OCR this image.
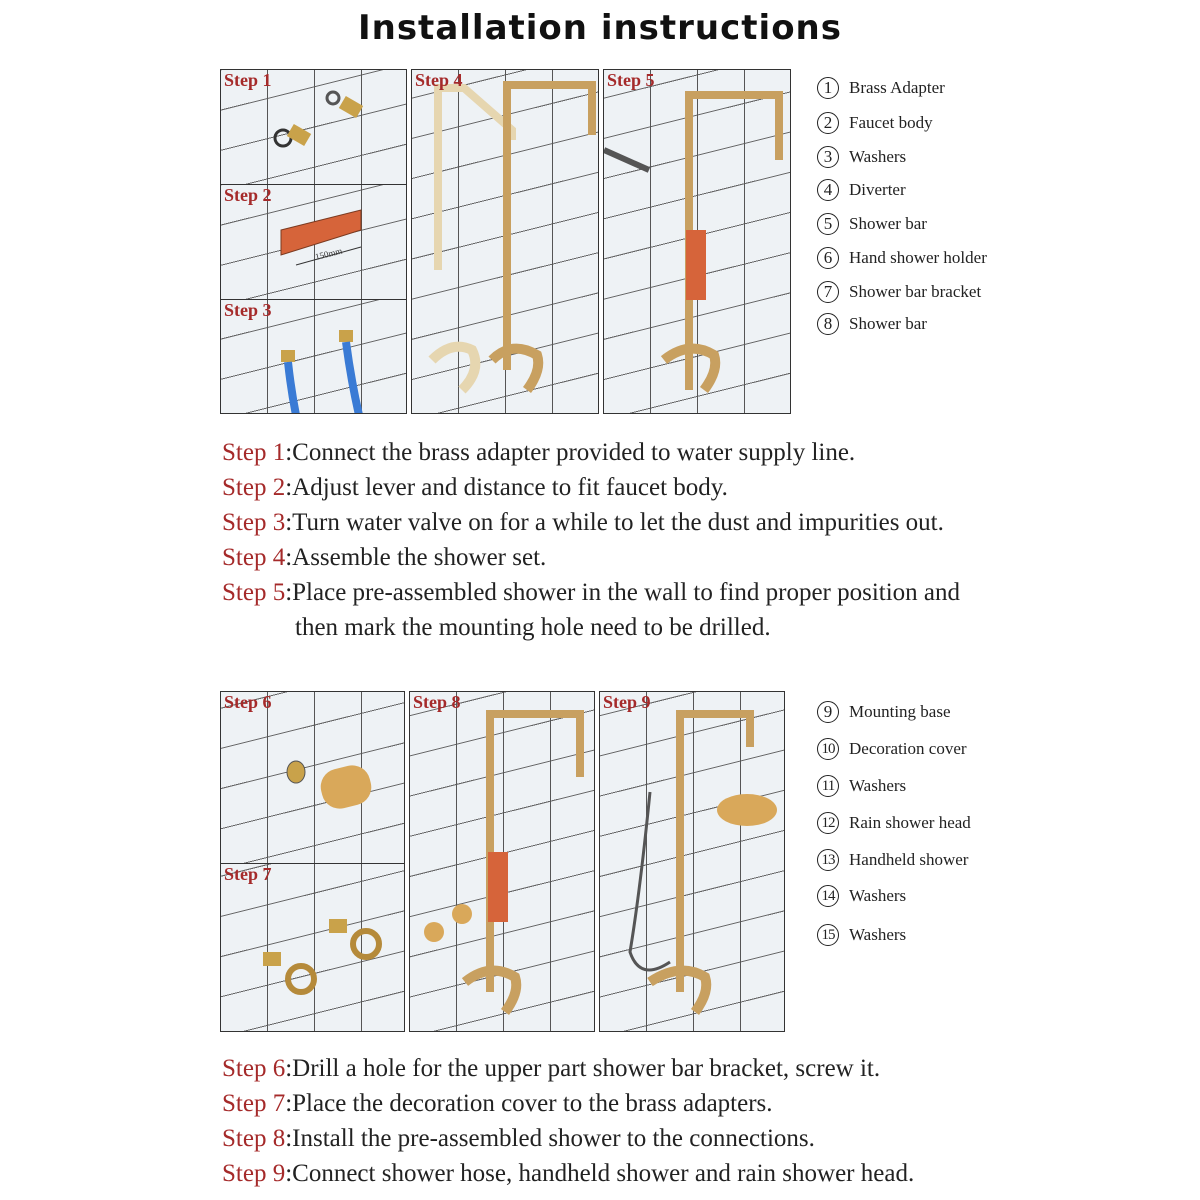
Installation instructions
Step 1
150mm
Step 2
Step 3
Step 4	Step 5	1 Brass Adapter
2 Faucet body
3 Washers
4 Diverter
5 Shower bar
6 Hand shower holder
7 Shower bar bracket
8 Shower bar
Step 1:Connect the brass adapter provided to water supply line.
Step 2:Adjust lever and distance to fit faucet body.
Step 3:Turn water valve on for a while to let the dust and impurities out.
Step 4:Assemble the shower set.
Step 5:Place pre-assembled shower in the wall to find proper position and
then mark the mounting hole need to be drilled.
Step 6
Step 7
Step 8	Step 9	9 Mounting base
10 Decoration cover
11 Washers
12 Rain shower head
13 Handheld shower
14 Washers
15 Washers
Step 6:Drill a hole for the upper part shower bar bracket, screw it.
Step 7:Place the decoration cover to the brass adapters.
Step 8:Install the pre-assembled shower to the connections.
Step 9:Connect shower hose, handheld shower and rain shower head.
